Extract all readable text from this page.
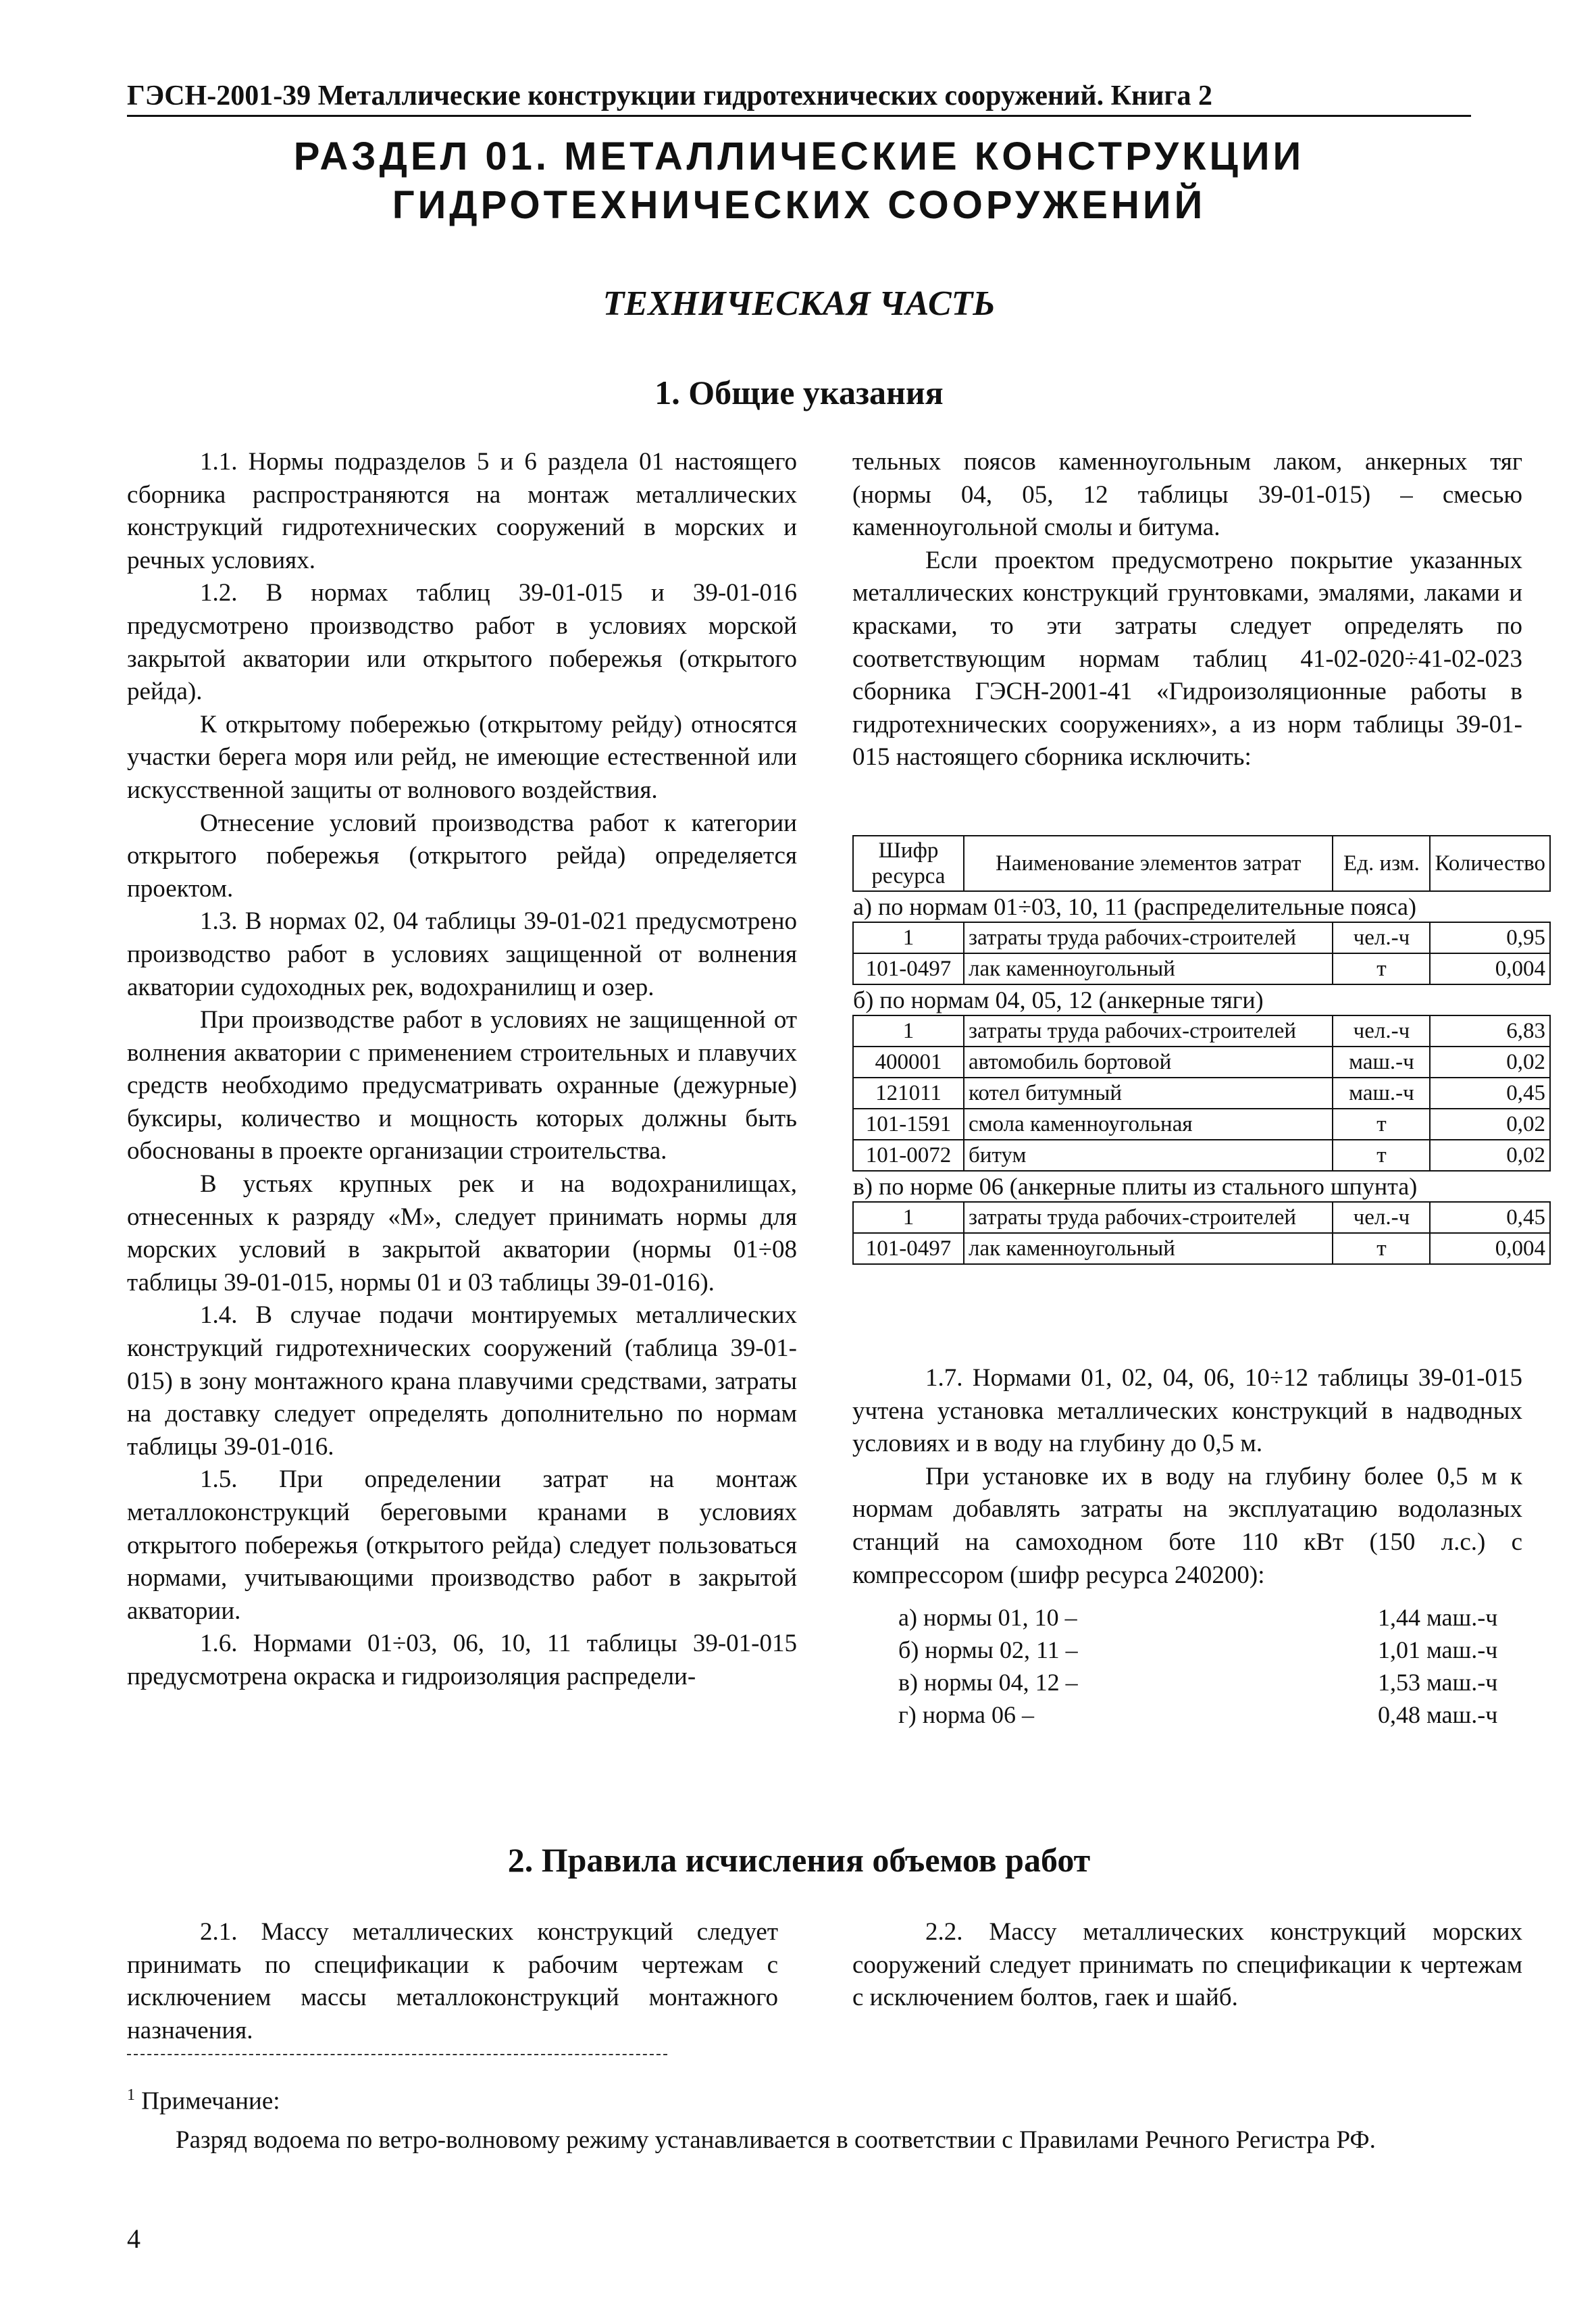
ГЭСН-2001-39 Металлические конструкции гидротехнических сооружений. Книга 2
РАЗДЕЛ 01. МЕТАЛЛИЧЕСКИЕ КОНСТРУКЦИИ
ГИДРОТЕХНИЧЕСКИХ СООРУЖЕНИЙ
ТЕХНИЧЕСКАЯ ЧАСТЬ
1. Общие указания

1.1. Нормы подразделов 5 и 6 раздела 01 настоящего сборника распространяются на монтаж металлических конструкций гидротехнических сооружений в морских и речных условиях.

1.2. В нормах таблиц 39-01-015 и 39-01-016 предусмотрено производство работ в условиях морской закрытой акватории или открытого побережья (открытого рейда).

К открытому побережью (открытому рейду) относятся участки берега моря или рейд, не имеющие естественной или искусственной защиты от волнового воздействия.

Отнесение условий производства работ к категории открытого побережья (открытого рейда) определяется проектом.

1.3. В нормах 02, 04 таблицы 39-01-021 предусмотрено производство работ в условиях защищенной от волнения акватории судоходных рек, водохранилищ и озер.

При производстве работ в условиях не защищенной от волнения акватории с применением строительных и плавучих средств необходимо предусматривать охранные (дежурные) буксиры, количество и мощность которых должны быть обоснованы в проекте организации строительства.

В устьях крупных рек и на водохранилищах, отнесенных к разряду «М», следует принимать нормы для морских условий в закрытой акватории (нормы 01÷08 таблицы 39-01-015, нормы 01 и 03 таблицы 39-01-016).

1.4. В случае подачи монтируемых металлических конструкций гидротехнических сооружений (таблица 39-01-015) в зону монтажного крана плавучими средствами, затраты на доставку следует определять дополнительно по нормам таблицы 39-01-016.

1.5. При определении затрат на монтаж металлоконструкций береговыми кранами в условиях открытого побережья (открытого рейда) следует пользоваться нормами, учитывающими производство работ в закрытой акватории.

1.6. Нормами 01÷03, 06, 10, 11 таблицы 39-01-015 предусмотрена окраска и гидроизоляция распредели-

тельных поясов каменноугольным лаком, анкерных тяг (нормы 04, 05, 12 таблицы 39-01-015) – смесью каменноугольной смолы и битума.

Если проектом предусмотрено покрытие указанных металлических конструкций грунтовками, эмалями, лаками и красками, то эти затраты следует определять по соответствующим нормам таблиц 41-02-020÷41-02-023 сборника ГЭСН-2001-41 «Гидроизоляционные работы в гидротехнических сооружениях», а из норм таблицы 39-01-015 настоящего сборника исключить:

Шифр ресурса	Наименование элементов затрат	Ед. изм.	Количество
а) по нормам 01÷03, 10, 11 (распределительные пояса)			
1	затраты труда рабочих-строителей	чел.-ч	0,95
101-0497	лак каменноугольный	т	0,004
б) по нормам 04, 05, 12 (анкерные тяги)			
1	затраты труда рабочих-строителей	чел.-ч	6,83
400001	автомобиль бортовой	маш.-ч	0,02
121011	котел битумный	маш.-ч	0,45
101-1591	смола каменноугольная	т	0,02
101-0072	битум	т	0,02
в) по норме 06 (анкерные плиты из стального шпунта)			
1	затраты труда рабочих-строителей	чел.-ч	0,45
101-0497	лак каменноугольный	т	0,004

1.7. Нормами 01, 02, 04, 06, 10÷12 таблицы 39-01-015 учтена установка металлических конструкций в надводных условиях и в воду на глубину до 0,5 м.

При установке их в воду на глубину более 0,5 м к нормам добавлять затраты на эксплуатацию водолазных станций на самоходном боте 110 кВт (150 л.с.) с компрессором (шифр ресурса 240200):

а) нормы 01, 10 –	1,44 маш.-ч
б) нормы 02, 11 –	1,01 маш.-ч
в) нормы 04, 12 –	1,53 маш.-ч
г) норма 06 –	0,48 маш.-ч
2. Правила исчисления объемов работ

2.1. Массу металлических конструкций следует принимать по спецификации к рабочим чертежам с исключением массы металлоконструкций монтажного назначения.

2.2. Массу металлических конструкций морских сооружений следует принимать по спецификации к чертежам с исключением болтов, гаек и шайб.

$^1$ Примечание:
Разряд водоема по ветро-волновому режиму устанавливается в соответствии с Правилами Речного Регистра РФ.
4
